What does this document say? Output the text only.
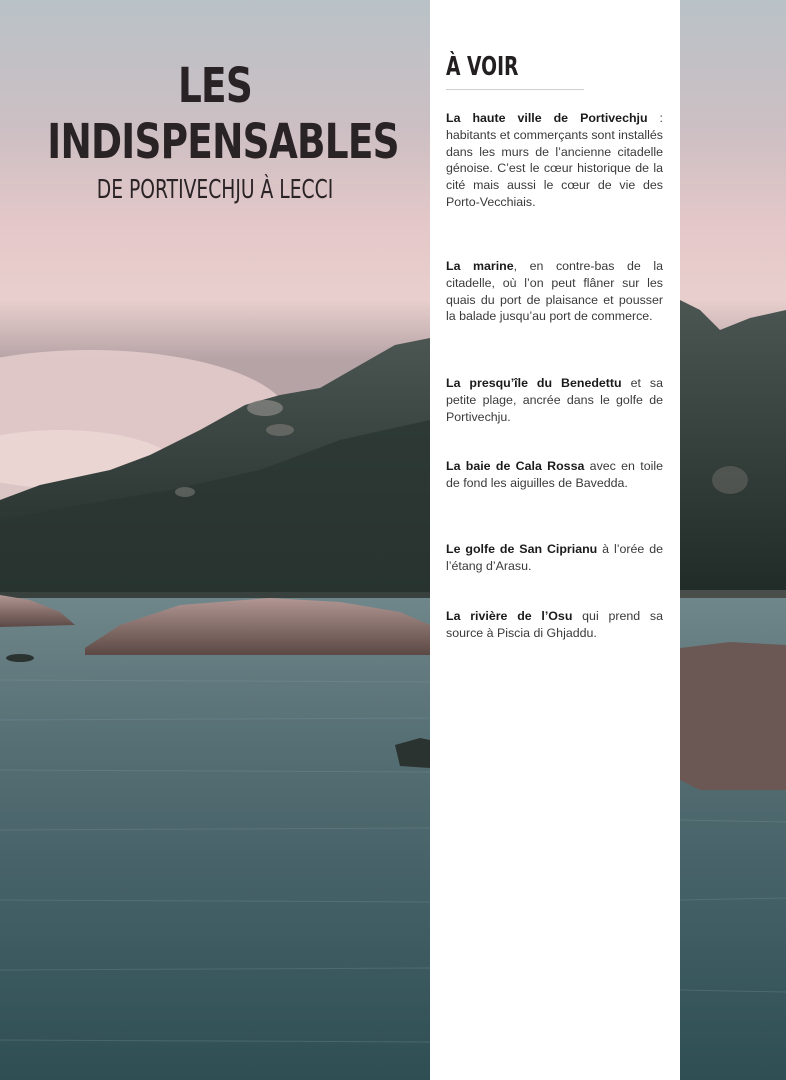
LES
INDISPENSABLES
DE PORTIVECHJU À LECCI
À VOIR
La haute ville de Portivechju : habitants et commerçants sont installés dans les murs de l’ancienne citadelle génoise. C’est le cœur historique de la cité mais aussi le cœur de vie des Porto-Vecchiais.
La marine, en contre-bas de la citadelle, où l’on peut flâner sur les quais du port de plaisance et pousser la balade jusqu’au port de commerce.
La presqu’île du Benedettu et sa petite plage, ancrée dans le golfe de Portivechju.
La baie de Cala Rossa avec en toile de fond les aiguilles de Bavedda.
Le golfe de San Ciprianu à l’orée de l’étang d’Arasu.
La rivière de l’Osu qui prend sa source à Piscia di Ghjaddu.
